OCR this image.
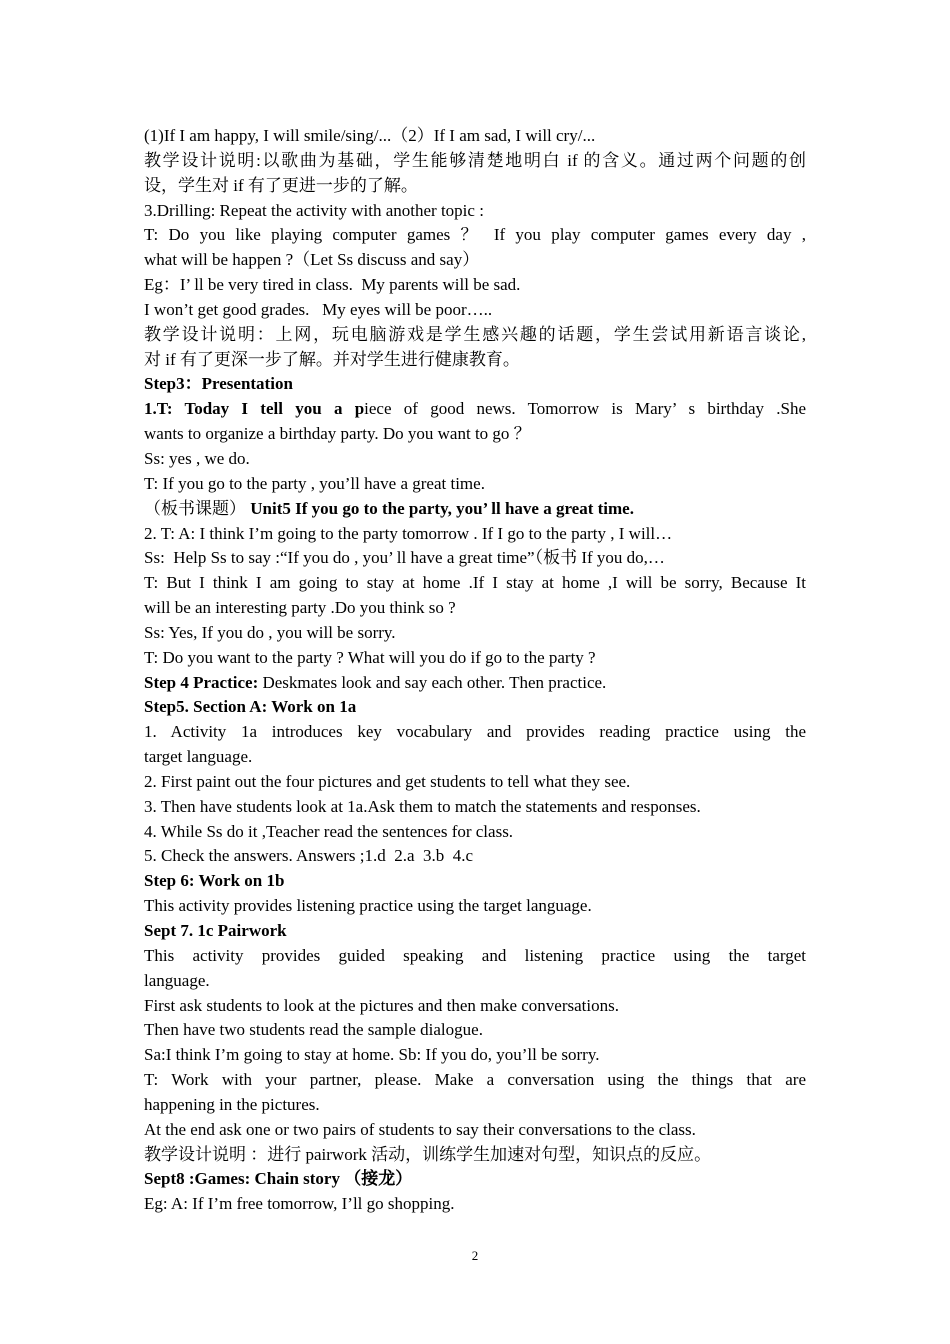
(1)If I am happy, I will smile/sing/...（2）If I am sad, I will cry/...
教学设计说明:以歌曲为基础，学生能够清楚地明白 if 的含义。通过两个问题的创
设，学生对 if 有了更进一步的了解。
3.Drilling: Repeat the activity with another topic :
T: Do you like playing computer games ？ If you play computer games every day ,
what will be happen ?（Let Ss discuss and say）
Eg：I’ ll be very tired in class.  My parents will be sad.
I won’t get good grades.   My eyes will be poor…..
教学设计说明：上网，玩电脑游戏是学生感兴趣的话题，学生尝试用新语言谈论,
对 if 有了更深一步了解。并对学生进行健康教育。
Step3：Presentation
1.T: Today I tell you a piece of good news. Tomorrow is Mary’ s birthday .She
wants to organize a birthday party. Do you want to go ？
Ss: yes , we do.
T: If you go to the party , you’ll have a great time.
（板书课题） Unit5 If you go to the party, you’ ll have a great time.
2. T: A: I think I’m going to the party tomorrow . If I go to the party , I will…
Ss:  Help Ss to say :“If you do , you’ ll have a great time”（板书 If you do,…
T: But I think I am going to stay at home .If I stay at home ,I will be sorry, Because It
will be an interesting party .Do you think so ?
Ss: Yes, If you do , you will be sorry.
T: Do you want to the party ? What will you do if go to the party ?
Step 4 Practice: Deskmates look and say each other. Then practice.
Step5. Section A: Work on 1a
1. Activity 1a introduces key vocabulary and provides reading practice using the
target language.
2. First paint out the four pictures and get students to tell what they see.
3. Then have students look at 1a.Ask them to match the statements and responses.
4. While Ss do it ,Teacher read the sentences for class.
5. Check the answers. Answers ;1.d  2.a  3.b  4.c
Step 6: Work on 1b
This activity provides listening practice using the target language.
Sept 7. 1c Pairwork
This activity provides guided speaking and listening practice using the target
language.
First ask students to look at the pictures and then make conversations.
Then have two students read the sample dialogue.
Sa:I think I’m going to stay at home. Sb: If you do, you’ll be sorry.
T: Work with your partner, please. Make a conversation using the things that are
happening in the pictures.
At the end ask one or two pairs of students to say their conversations to the class.
教学设计说明 ：进行 pairwork 活动，训练学生加速对句型，知识点的反应。
Sept8 :Games: Chain story （接龙）
Eg: A: If I’m free tomorrow, I’ll go shopping.
2
